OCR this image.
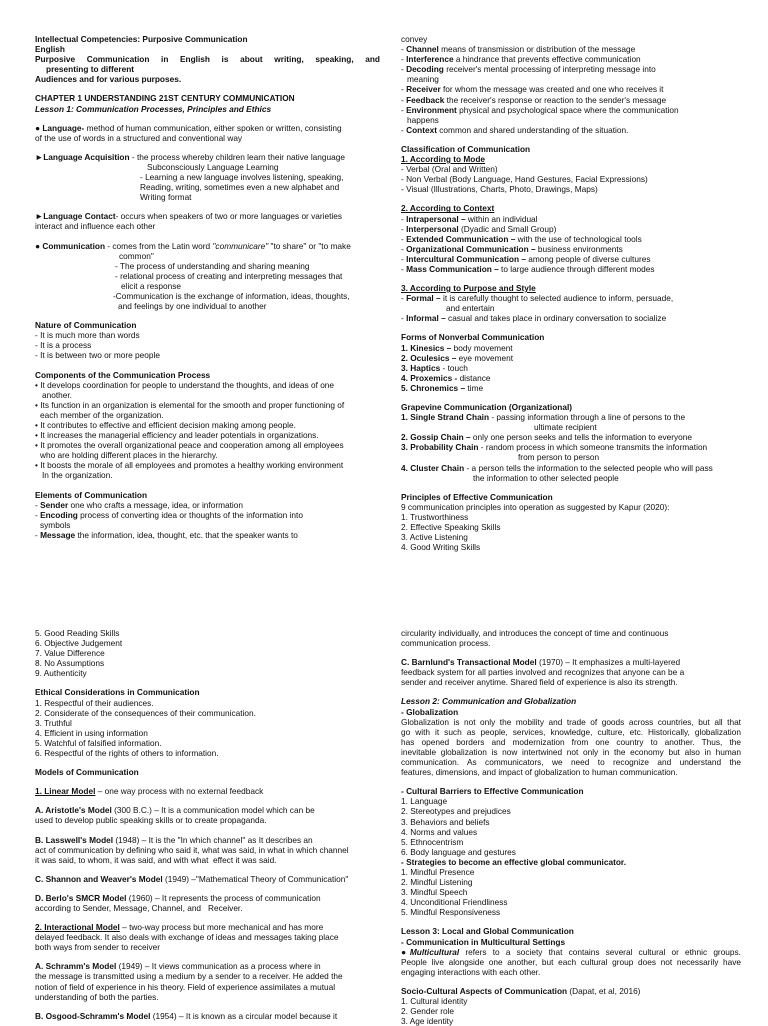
Intellectual Competencies: Purposive Communication
English
Purposive Communication in English is about writing, speaking, and
presenting to different
Audiences and for various purposes.
CHAPTER 1 UNDERSTANDING 21ST CENTURY COMMUNICATION
Lesson 1: Communication Processes, Principles and Ethics
● Language- method of human communication, either spoken or written, consisting
of the use of words in a structured and conventional way
►Language Acquisition - the process whereby children learn their native language
Subconsciously Language Learning
- Learning a new language involves listening, speaking,
Reading, writing, sometimes even a new alphabet and
Writing format
►Language Contact- occurs when speakers of two or more languages or varieties
interact and influence each other
● Communication - comes from the Latin word "communicare" "to share" or "to make
common"
- The process of understanding and sharing meaning
- relational process of creating and interpreting messages that
elicit a response
-Communication is the exchange of information, ideas, thoughts,
and feelings by one individual to another
Nature of Communication
- It is much more than words
- It is a process
- It is between two or more people
Components of the Communication Process
• It develops coordination for people to understand the thoughts, and ideas of one
another.
• Its function in an organization is elemental for the smooth and proper functioning of
each member of the organization.
• It contributes to effective and efficient decision making among people.
• It increases the managerial efficiency and leader potentials in organizations.
• It promotes the overall organizational peace and cooperation among all employees
who are holding different places in the hierarchy.
• It boosts the morale of all employees and promotes a healthy working environment
In the organization.
Elements of Communication
- Sender one who crafts a message, idea, or information
- Encoding process of converting idea or thoughts of the information into
symbols
- Message the information, idea, thought, etc. that the speaker wants to
convey
- Channel means of transmission or distribution of the message
- Interference a hindrance that prevents effective communication
- Decoding receiver's mental processing of interpreting message into
meaning
- Receiver for whom the message was created and one who receives it
- Feedback the receiver's response or reaction to the sender's message
- Environment physical and psychological space where the communication
happens
- Context common and shared understanding of the situation.
Classification of Communication
1. According to Mode
- Verbal (Oral and Written)
- Non Verbal (Body Language, Hand Gestures, Facial Expressions)
- Visual (Illustrations, Charts, Photo, Drawings, Maps)
2. According to Context
- Intrapersonal – within an individual
- Interpersonal (Dyadic and Small Group)
- Extended Communication – with the use of technological tools
- Organizational Communication – business environments
- Intercultural Communication – among people of diverse cultures
- Mass Communication – to large audience through different modes
3. According to Purpose and Style
- Formal – it is carefully thought to selected audience to inform, persuade,
and entertain
- Informal – casual and takes place in ordinary conversation to socialize
Forms of Nonverbal Communication
1. Kinesics – body movement
2. Oculesics – eye movement
3. Haptics - touch
4. Proxemics - distance
5. Chronemics – time
Grapevine Communication (Organizational)
1. Single Strand Chain - passing information through a line of persons to the
ultimate recipient
2. Gossip Chain – only one person seeks and tells the information to everyone
3. Probability Chain - random process in which someone transmits the information
from person to person
4. Cluster Chain - a person tells the information to the selected people who will pass
the information to other selected people
Principles of Effective Communication
9 communication principles into operation as suggested by Kapur (2020):
1. Trustworthiness
2. Effective Speaking Skills
3. Active Listening
4. Good Writing Skills
5. Good Reading Skills
6. Objective Judgement
7. Value Difference
8. No Assumptions
9. Authenticity
Ethical Considerations in Communication
1. Respectful of their audiences.
2. Considerate of the consequences of their communication.
3. Truthful
4. Efficient in using information
5. Watchful of falsified information.
6. Respectful of the rights of others to information.
Models of Communication
1. Linear Model – one way process with no external feedback
A. Aristotle's Model (300 B.C.) – It is a communication model which can be
used to develop public speaking skills or to create propaganda.
B. Lasswell's Model (1948) – It is the "In which channel" as It describes an
act of communication by defining who said it, what was said, in what in which channel
it was said, to whom, it was said, and with what  effect it was said.
C. Shannon and Weaver's Model (1949) –"Mathematical Theory of Communication"
D. Berlo's SMCR Model (1960) – It represents the process of communication
according to Sender, Message, Channel, and   Receiver.
2. Interactional Model – two-way process but more mechanical and has more
delayed feedback. It also deals with exchange of ideas and messages taking place
both ways from sender to receiver
A. Schramm's Model (1949) – It views communication as a process where in
the message is transmitted using a medium by a sender to a receiver. He added the
notion of field of experience in his theory. Field of experience assimilates a mutual
understanding of both the parties.
B. Osgood-Schramm's Model (1954) – It is known as a circular model because it
circularity individually, and introduces the concept of time and continuous
communication process.
C. Barnlund's Transactional Model (1970) – It emphasizes a multi-layered
feedback system for all parties involved and recognizes that anyone can be a
sender and receiver anytime. Shared field of experience is also its strength.
Lesson 2: Communication and Globalization
- Globalization
Globalization is not only the mobility and trade of goods across countries, but all that
go with it such as people, services, knowledge, culture, etc. Historically, globalization
has opened borders and modernization from one country to another. Thus, the
inevitable globalization is now intertwined not only in the economy but also in human
communication. As communicators, we need to recognize and understand the
features, dimensions, and impact of globalization to human communication.
- Cultural Barriers to Effective Communication
1. Language
2. Stereotypes and prejudices
3. Behaviors and beliefs
4. Norms and values
5. Ethnocentrism
6. Body language and gestures
- Strategies to become an effective global communicator.
1. Mindful Presence
2. Mindful Listening
3. Mindful Speech
4. Unconditional Friendliness
5. Mindful Responsiveness
Lesson 3: Local and Global Communication
- Communication in Multicultural Settings
●Multicultural refers to a society that contains several cultural or ethnic groups.
People live alongside one another, but each cultural group does not necessarily have
engaging interactions with each other.
Socio-Cultural Aspects of Communication (Dapat, et al, 2016)
1. Cultural identity
2. Gender role
3. Age identity
